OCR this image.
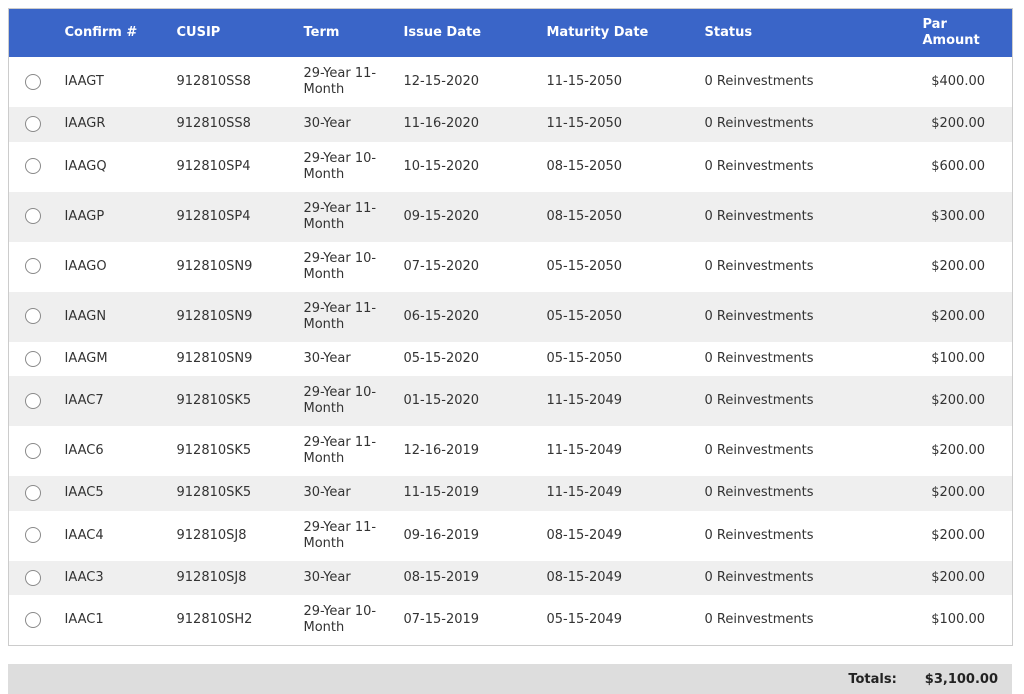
	Confirm #	CUSIP	Term	Issue Date	Maturity Date	Status	Par Amount
	IAAGT	912810SS8	29-Year 11-Month	12-15-2020	11-15-2050	0 Reinvestments	$400.00
	IAAGR	912810SS8	30-Year	11-16-2020	11-15-2050	0 Reinvestments	$200.00
	IAAGQ	912810SP4	29-Year 10-Month	10-15-2020	08-15-2050	0 Reinvestments	$600.00
	IAAGP	912810SP4	29-Year 11-Month	09-15-2020	08-15-2050	0 Reinvestments	$300.00
	IAAGO	912810SN9	29-Year 10-Month	07-15-2020	05-15-2050	0 Reinvestments	$200.00
	IAAGN	912810SN9	29-Year 11-Month	06-15-2020	05-15-2050	0 Reinvestments	$200.00
	IAAGM	912810SN9	30-Year	05-15-2020	05-15-2050	0 Reinvestments	$100.00
	IAAC7	912810SK5	29-Year 10-Month	01-15-2020	11-15-2049	0 Reinvestments	$200.00
	IAAC6	912810SK5	29-Year 11-Month	12-16-2019	11-15-2049	0 Reinvestments	$200.00
	IAAC5	912810SK5	30-Year	11-15-2019	11-15-2049	0 Reinvestments	$200.00
	IAAC4	912810SJ8	29-Year 11-Month	09-16-2019	08-15-2049	0 Reinvestments	$200.00
	IAAC3	912810SJ8	30-Year	08-15-2019	08-15-2049	0 Reinvestments	$200.00
	IAAC1	912810SH2	29-Year 10-Month	07-15-2019	05-15-2049	0 Reinvestments	$100.00
Totals: $3,100.00
